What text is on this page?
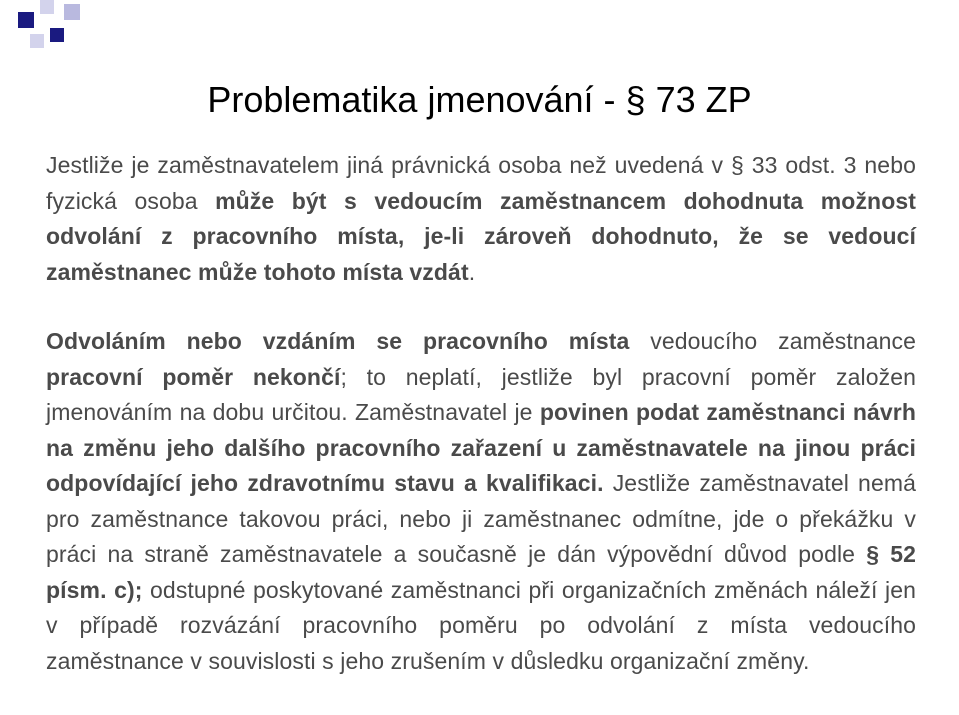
Problematika jmenování - § 73 ZP
Jestliže je zaměstnavatelem jiná právnická osoba než uvedená v § 33 odst. 3 nebo fyzická osoba může být s vedoucím zaměstnancem dohodnuta možnost odvolání z pracovního místa, je-li zároveň dohodnuto, že se vedoucí zaměstnanec může tohoto místa vzdát.
Odvoláním nebo vzdáním se pracovního místa vedoucího zaměstnance pracovní poměr nekončí; to neplatí, jestliže byl pracovní poměr založen jmenováním na dobu určitou. Zaměstnavatel je povinen podat zaměstnanci návrh na změnu jeho dalšího pracovního zařazení u zaměstnavatele na jinou práci odpovídající jeho zdravotnímu stavu a kvalifikaci. Jestliže zaměstnavatel nemá pro zaměstnance takovou práci, nebo ji zaměstnanec odmítne, jde o překážku v práci na straně zaměstnavatele a současně je dán výpovědní důvod podle § 52 písm. c); odstupné poskytované zaměstnanci při organizačních změnách náleží jen v případě rozvázání pracovního poměru po odvolání z místa vedoucího zaměstnance v souvislosti s jeho zrušením v důsledku organizační změny.
